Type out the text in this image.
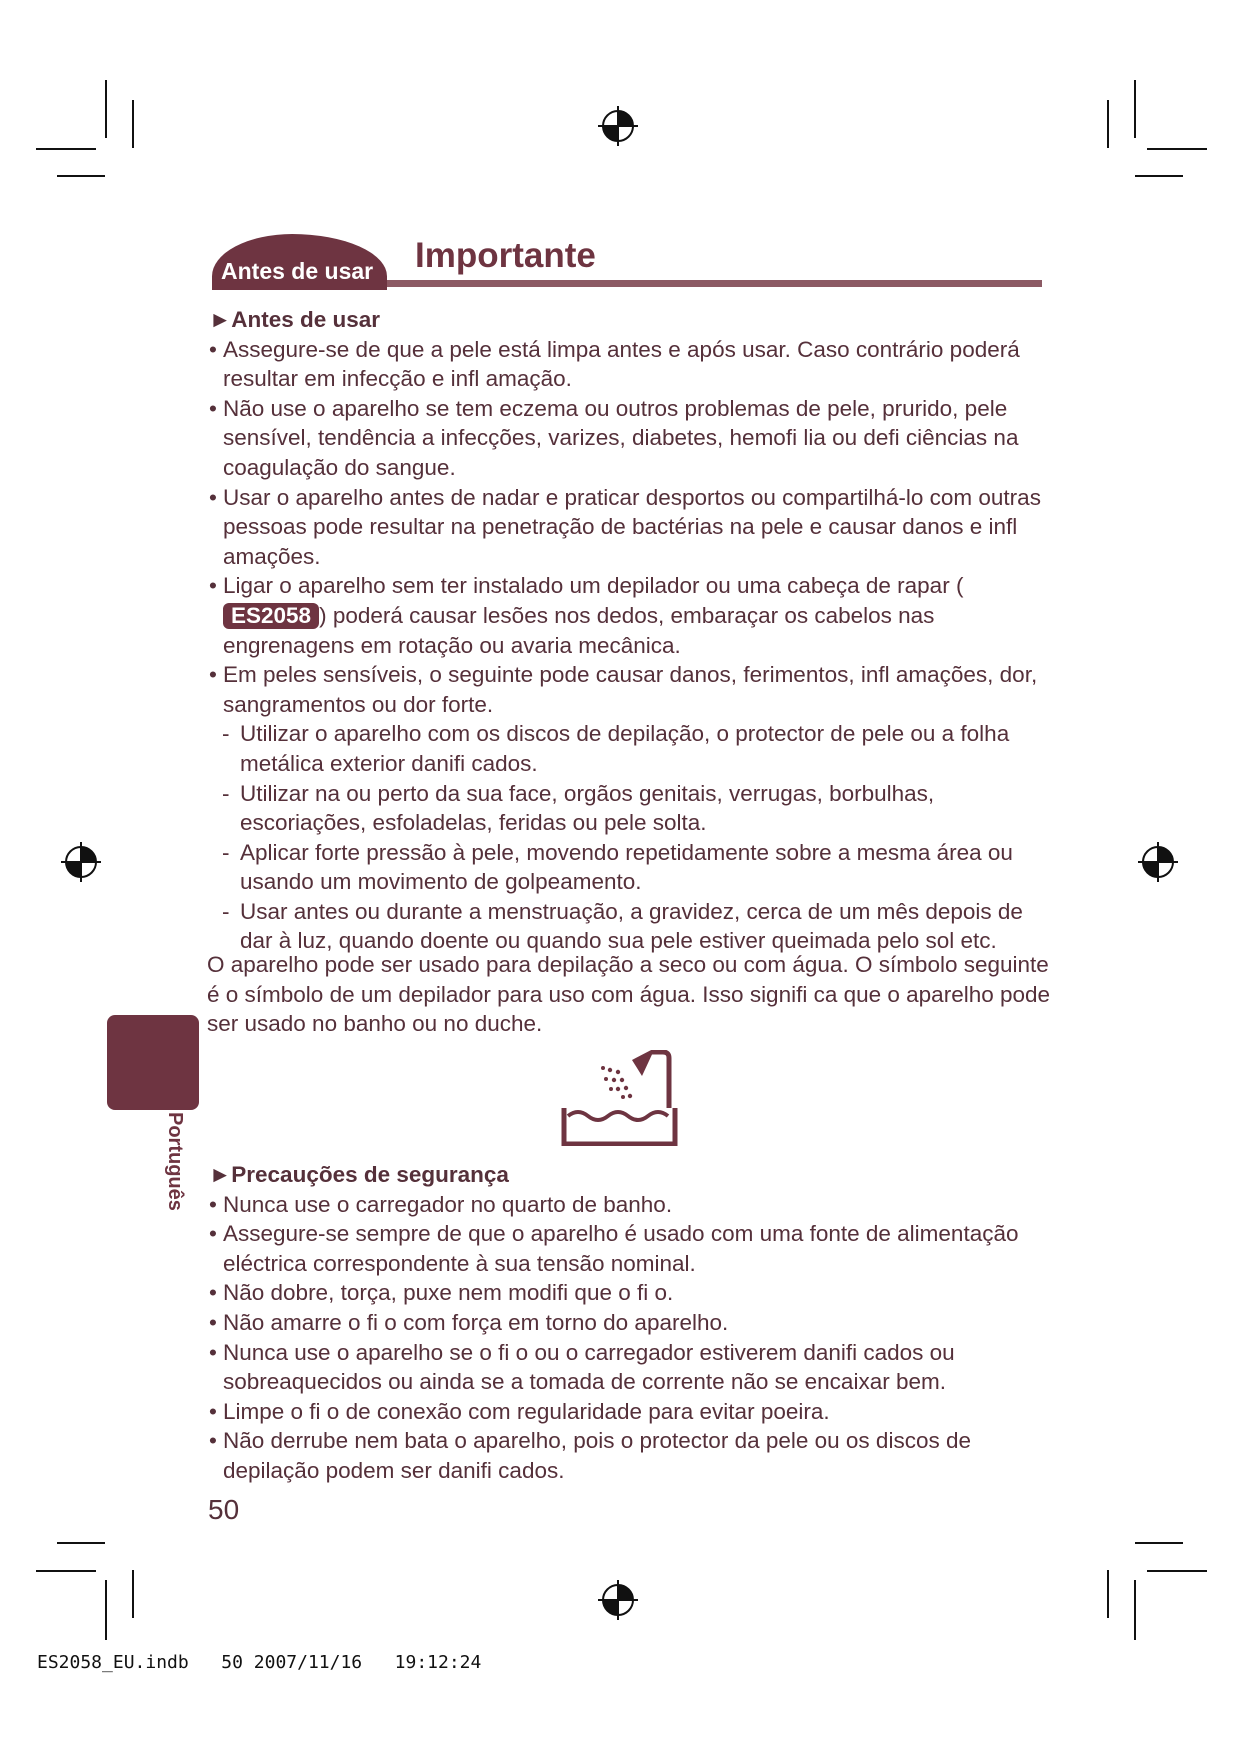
Antes de usar Importante

►Antes de usar

• Assegure-se de que a pele está limpa antes e após usar. Caso contrário poderá resultar em infecção e infl amação.

• Não use o aparelho se tem eczema ou outros problemas de pele, prurido, pele sensível, tendência a infecções, varizes, diabetes, hemofi lia ou defi ciências na coagulação do sangue.

• Usar o aparelho antes de nadar e praticar desportos ou compartilhá-lo com outras pessoas pode resultar na penetração de bactérias na pele e causar danos e infl amações.

• Ligar o aparelho sem ter instalado um depilador ou uma cabeça de rapar (ES2058 ) poderá causar lesões nos dedos, embaraçar os cabelos nas engrenagens em rotação ou avaria mecânica.

• Em peles sensíveis, o seguinte pode causar danos, ferimentos, infl amações, dor, sangramentos ou dor forte.

- Utilizar o aparelho com os discos de depilação, o protector de pele ou a folha metálica exterior danifi cados.

- Utilizar na ou perto da sua face, orgãos genitais, verrugas, borbulhas, escoriações, esfoladelas, feridas ou pele solta.

- Aplicar forte pressão à pele, movendo repetidamente sobre a mesma área ou usando um movimento de golpeamento.

- Usar antes ou durante a menstruação, a gravidez, cerca de um mês depois de dar à luz, quando doente ou quando sua pele estiver queimada pelo sol etc.

O aparelho pode ser usado para depilação a seco ou com água. O símbolo seguinte é o símbolo de um depilador para uso com água. Isso signifi ca que o aparelho pode ser usado no banho ou no duche.

Português ►Precauções de segurança

• Nunca use o carregador no quarto de banho.

• Assegure-se sempre de que o aparelho é usado com uma fonte de alimentação eléctrica correspondente à sua tensão nominal.

• Não dobre, torça, puxe nem modifi que o fi o.

• Não amarre o fi o com força em torno do aparelho.

• Nunca use o aparelho se o fi o ou o carregador estiverem danifi cados ou sobreaquecidos ou ainda se a tomada de corrente não se encaixar bem.

• Limpe o fi o de conexão com regularidade para evitar poeira.

• Não derrube nem bata o aparelho, pois o protector da pele ou os discos de depilação podem ser danifi cados.

50
ES2058_EU.indb 50 2007/11/16 19:12:24
